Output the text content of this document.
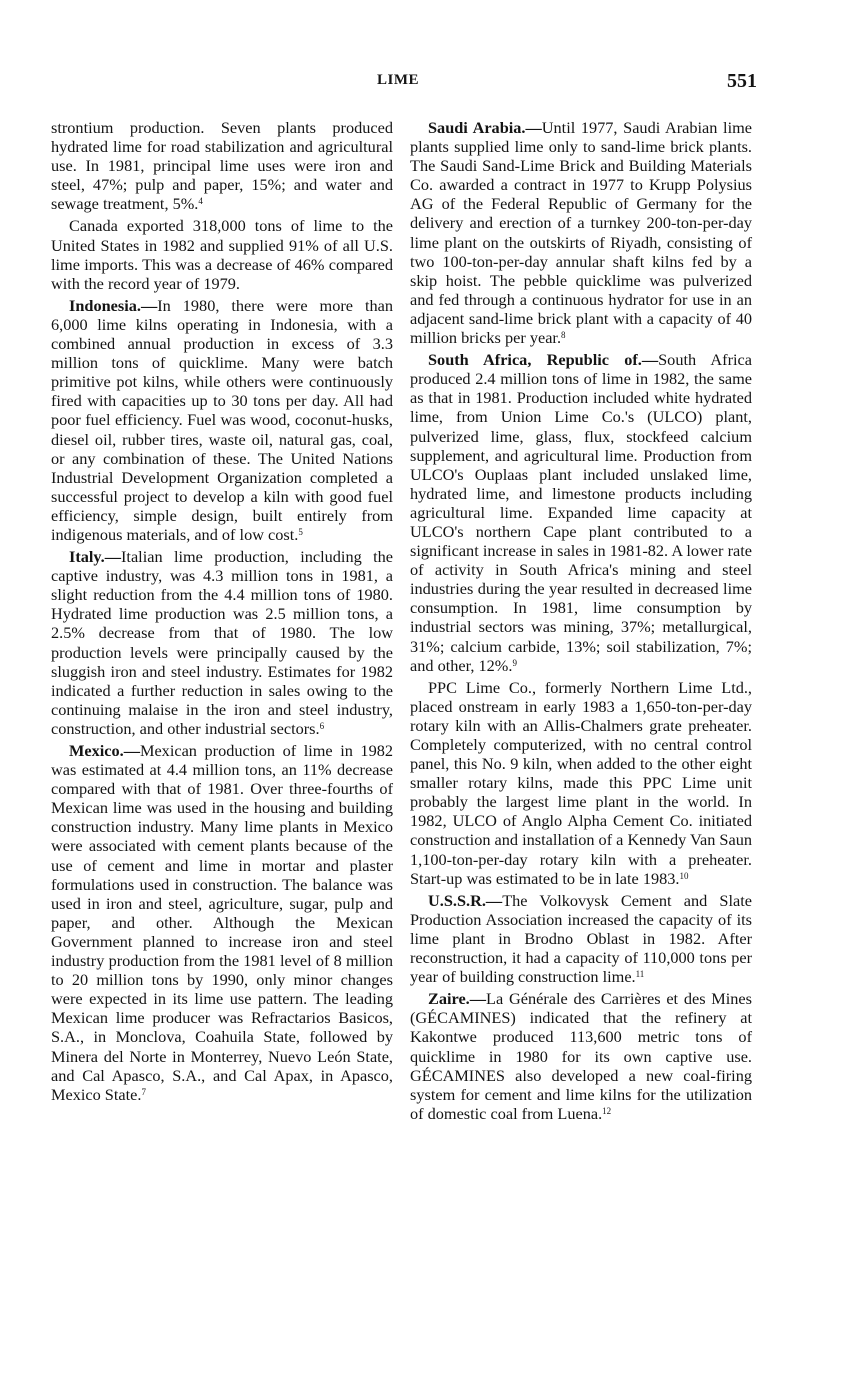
LIME	551

strontium production. Seven plants produced hydrated lime for road stabilization and agricultural use. In 1981, principal lime uses were iron and steel, 47%; pulp and paper, 15%; and water and sewage treatment, 5%.$^4$

Canada exported 318,000 tons of lime to the United States in 1982 and supplied 91% of all U.S. lime imports. This was a decrease of 46% compared with the record year of 1979.

Indonesia.—In 1980, there were more than 6,000 lime kilns operating in Indonesia, with a combined annual production in excess of 3.3 million tons of quicklime. Many were batch primitive pot kilns, while others were continuously fired with capacities up to 30 tons per day. All had poor fuel efficiency. Fuel was wood, coconut-husks, diesel oil, rubber tires, waste oil, natural gas, coal, or any combination of these. The United Nations Industrial Development Organization completed a successful project to develop a kiln with good fuel efficiency, simple design, built entirely from indigenous materials, and of low cost.$^5$

Italy.—Italian lime production, including the captive industry, was 4.3 million tons in 1981, a slight reduction from the 4.4 million tons of 1980. Hydrated lime production was 2.5 million tons, a 2.5% decrease from that of 1980. The low production levels were principally caused by the sluggish iron and steel industry. Estimates for 1982 indicated a further reduction in sales owing to the continuing malaise in the iron and steel industry, construction, and other industrial sectors.$^6$

Mexico.—Mexican production of lime in 1982 was estimated at 4.4 million tons, an 11% decrease compared with that of 1981. Over three-fourths of Mexican lime was used in the housing and building construction industry. Many lime plants in Mexico were associated with cement plants because of the use of cement and lime in mortar and plaster formulations used in construction. The balance was used in iron and steel, agriculture, sugar, pulp and paper, and other. Although the Mexican Government planned to increase iron and steel industry production from the 1981 level of 8 million to 20 million tons by 1990, only minor changes were expected in its lime use pattern. The leading Mexican lime producer was Refractarios Basicos, S.A., in Monclova, Coahuila State, followed by Minera del Norte in Monterrey, Nuevo León State, and Cal Apasco, S.A., and Cal Apax, in Apasco, Mexico State.$^7$

Saudi Arabia.—Until 1977, Saudi Arabian lime plants supplied lime only to sand-lime brick plants. The Saudi Sand-Lime Brick and Building Materials Co. awarded a contract in 1977 to Krupp Polysius AG of the Federal Republic of Germany for the delivery and erection of a turnkey 200-ton-per-day lime plant on the outskirts of Riyadh, consisting of two 100-ton-per-day annular shaft kilns fed by a skip hoist. The pebble quicklime was pulverized and fed through a continuous hydrator for use in an adjacent sand-lime brick plant with a capacity of 40 million bricks per year.$^8$

South Africa, Republic of.—South Africa produced 2.4 million tons of lime in 1982, the same as that in 1981. Production included white hydrated lime, from Union Lime Co.'s (ULCO) plant, pulverized lime, glass, flux, stockfeed calcium supplement, and agricultural lime. Production from ULCO's Ouplaas plant included unslaked lime, hydrated lime, and limestone products including agricultural lime. Expanded lime capacity at ULCO's northern Cape plant contributed to a significant increase in sales in 1981-82. A lower rate of activity in South Africa's mining and steel industries during the year resulted in decreased lime consumption. In 1981, lime consumption by industrial sectors was mining, 37%; metallurgical, 31%; calcium carbide, 13%; soil stabilization, 7%; and other, 12%.$^9$

PPC Lime Co., formerly Northern Lime Ltd., placed onstream in early 1983 a 1,650-ton-per-day rotary kiln with an Allis-Chalmers grate preheater. Completely computerized, with no central control panel, this No. 9 kiln, when added to the other eight smaller rotary kilns, made this PPC Lime unit probably the largest lime plant in the world. In 1982, ULCO of Anglo Alpha Cement Co. initiated construction and installation of a Kennedy Van Saun 1,100-ton-per-day rotary kiln with a preheater. Start-up was estimated to be in late 1983.10

U.S.S.R.—The Volkovysk Cement and Slate Production Association increased the capacity of its lime plant in Brodno Oblast in 1982. After reconstruction, it had a capacity of 110,000 tons per year of building construction lime.$^{11}$

Zaire.—La Générale des Carrières et des Mines (GÉCAMINES) indicated that the refinery at Kakontwe produced 113,600 metric tons of quicklime in 1980 for its own captive use. GÉCAMINES also developed a new coal-firing system for cement and lime kilns for the utilization of domestic coal from Luena.$^{12}$
